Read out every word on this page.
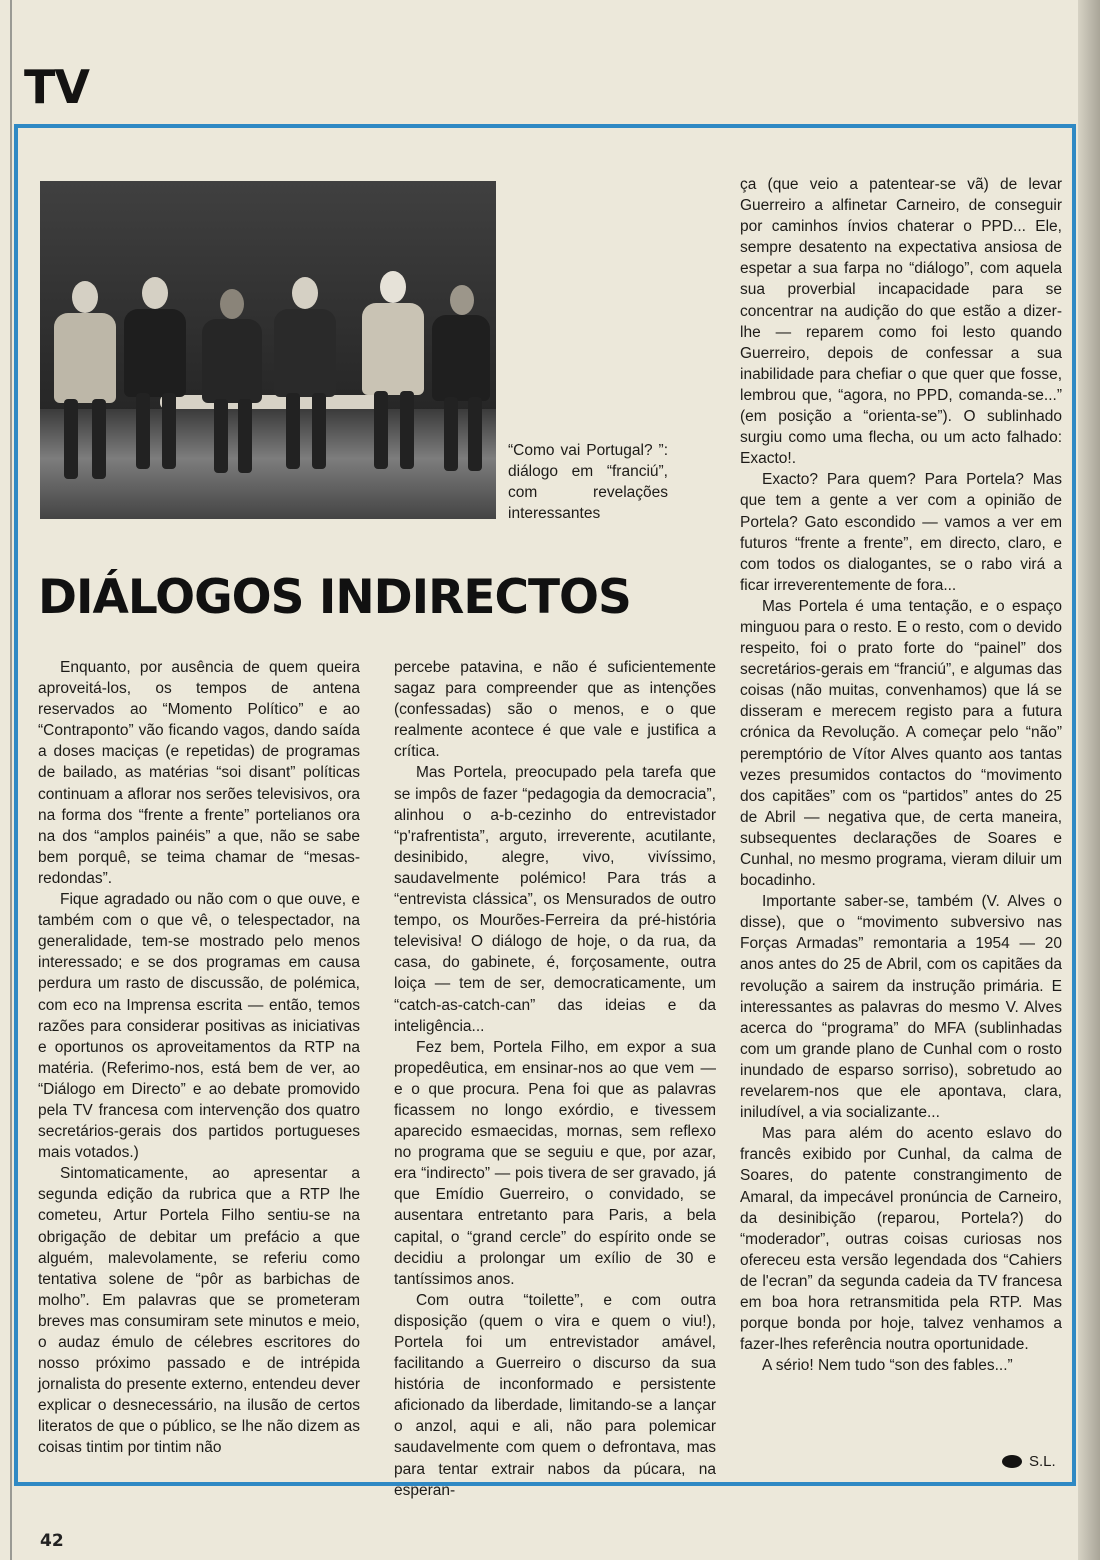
TV

“Como vai Portugal? ”: diálogo em “franciú”, com revelações interessantes

DIÁLOGOS INDIRECTOS

Enquanto, por ausência de quem queira aproveitá-los, os tempos de antena reservados ao “Momento Político” e ao “Contraponto” vão ficando vagos, dando saída a doses maciças (e repetidas) de programas de bailado, as matérias “soi disant” políticas continuam a aflorar nos serões televisivos, ora na forma dos “frente a frente” portelianos ora na dos “amplos painéis” a que, não se sabe bem porquê, se teima chamar de “mesas-redondas”.

Fique agradado ou não com o que ouve, e também com o que vê, o telespectador, na generalidade, tem-se mostrado pelo menos interessado; e se dos programas em causa perdura um rasto de discussão, de polémica, com eco na Imprensa escrita — então, temos razões para considerar positivas as iniciativas e oportunos os aproveitamentos da RTP na matéria. (Referimo-nos, está bem de ver, ao “Diálogo em Directo” e ao debate promovido pela TV francesa com intervenção dos quatro secretários-gerais dos partidos portugueses mais votados.)

Sintomaticamente, ao apresentar a segunda edição da rubrica que a RTP lhe cometeu, Artur Portela Filho sentiu-se na obrigação de debitar um prefácio a que alguém, malevolamente, se referiu como tentativa solene de “pôr as barbichas de molho”. Em palavras que se prometeram breves mas consumiram sete minutos e meio, o audaz émulo de célebres escritores do nosso próximo passado e de intrépida jornalista do presente externo, entendeu dever explicar o desnecessário, na ilusão de certos literatos de que o público, se lhe não dizem as coisas tintim por tintim não

percebe patavina, e não é suficientemente sagaz para compreender que as intenções (confessadas) são o menos, e o que realmente acontece é que vale e justifica a crítica.

Mas Portela, preocupado pela tarefa que se impôs de fazer “pedagogia da democracia”, alinhou o a-b-cezinho do entrevistador “p'rafrentista”, arguto, irreverente, acutilante, desinibido, alegre, vivo, vivíssimo, saudavelmente polémico! Para trás a “entrevista clássica”, os Mensurados de outro tempo, os Mourões-Ferreira da pré-história televisiva! O diálogo de hoje, o da rua, da casa, do gabinete, é, forçosamente, outra loiça — tem de ser, democraticamente, um “catch-as-catch-can” das ideias e da inteligência...

Fez bem, Portela Filho, em expor a sua propedêutica, em ensinar-nos ao que vem — e o que procura. Pena foi que as palavras ficassem no longo exórdio, e tivessem aparecido esmaecidas, mornas, sem reflexo no programa que se seguiu e que, por azar, era “indirecto” — pois tivera de ser gravado, já que Emídio Guerreiro, o convidado, se ausentara entretanto para Paris, a bela capital, o “grand cercle” do espírito onde se decidiu a prolongar um exílio de 30 e tantíssimos anos.

Com outra “toilette”, e com outra disposição (quem o vira e quem o viu!), Portela foi um entrevistador amável, facilitando a Guerreiro o discurso da sua história de inconformado e persistente aficionado da liberdade, limitando-se a lançar o anzol, aqui e ali, não para polemicar saudavelmente com quem o defrontava, mas para tentar extrair nabos da púcara, na esperan-

ça (que veio a patentear-se vã) de levar Guerreiro a alfinetar Carneiro, de conseguir por caminhos ínvios chaterar o PPD... Ele, sempre desatento na expectativa ansiosa de espetar a sua farpa no “diálogo”, com aquela sua proverbial incapacidade para se concentrar na audição do que estão a dizer-lhe — reparem como foi lesto quando Guerreiro, depois de confessar a sua inabilidade para chefiar o que quer que fosse, lembrou que, “agora, no PPD, comanda-se...” (em posição a “orienta-se”). O sublinhado surgiu como uma flecha, ou um acto falhado: Exacto!.

Exacto? Para quem? Para Portela? Mas que tem a gente a ver com a opinião de Portela? Gato escondido — vamos a ver em futuros “frente a frente”, em directo, claro, e com todos os dialogantes, se o rabo virá a ficar irreverentemente de fora...

Mas Portela é uma tentação, e o espaço minguou para o resto. E o resto, com o devido respeito, foi o prato forte do “painel” dos secretários-gerais em “franciú”, e algumas das coisas (não muitas, convenhamos) que lá se disseram e merecem registo para a futura crónica da Revolução. A começar pelo “não” peremptório de Vítor Alves quanto aos tantas vezes presumidos contactos do “movimento dos capitães” com os “partidos” antes do 25 de Abril — negativa que, de certa maneira, subsequentes declarações de Soares e Cunhal, no mesmo programa, vieram diluir um bocadinho.

Importante saber-se, também (V. Alves o disse), que o “movimento subversivo nas Forças Armadas” remontaria a 1954 — 20 anos antes do 25 de Abril, com os capitães da revolução a sairem da instrução primária. E interessantes as palavras do mesmo V. Alves acerca do “programa” do MFA (sublinhadas com um grande plano de Cunhal com o rosto inundado de esparso sorriso), sobretudo ao revelarem-nos que ele apontava, clara, iniludível, a via socializante...

Mas para além do acento eslavo do francês exibido por Cunhal, da calma de Soares, do patente constrangimento de Amaral, da impecável pronúncia de Carneiro, da desinibição (reparou, Portela?) do “moderador”, outras coisas curiosas nos ofereceu esta versão legendada dos “Cahiers de l'ecran” da segunda cadeia da TV francesa em boa hora retransmitida pela RTP. Mas porque bonda por hoje, talvez venhamos a fazer-lhes referência noutra oportunidade.

A sério! Nem tudo “son des fables...”

S.L.

42
